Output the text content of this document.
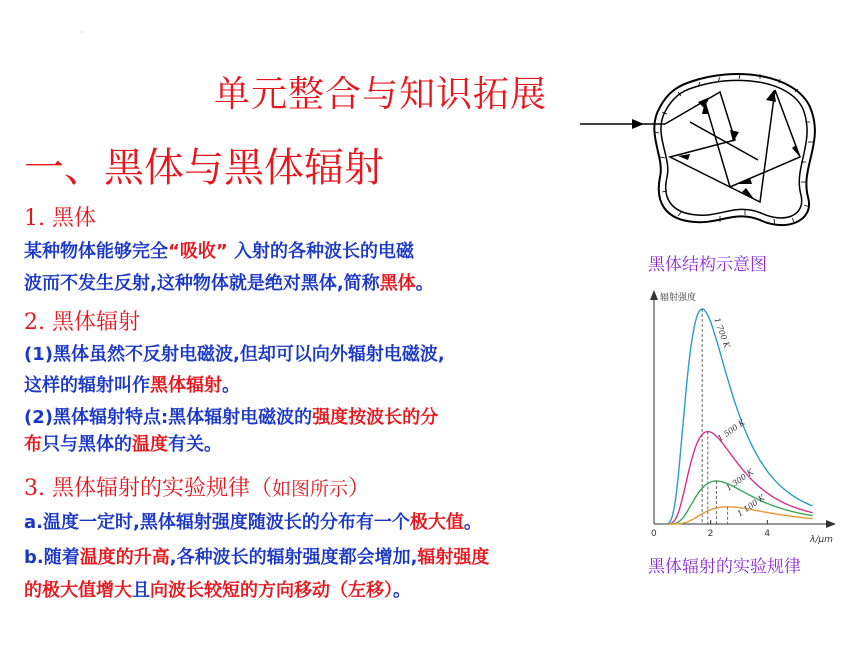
·
单元整合与知识拓展
一、黑体与黑体辐射
1. 黑体
某种物体能够完全“吸收” 入射的各种波长的电磁
波而不发生反射,这种物体就是绝对黑体,简称黑体。
2. 黑体辐射
(1)黑体虽然不反射电磁波,但却可以向外辐射电磁波,
这样的辐射叫作黑体辐射。
(2)黑体辐射特点:黑体辐射电磁波的强度按波长的分
布只与黑体的温度有关。
3. 黑体辐射的实验规律（如图所示）
a.温度一定时,黑体辐射强度随波长的分布有一个极大值。
b.随着温度的升高,各种波长的辐射强度都会增加,辐射强度
的极大值增大且向波长较短的方向移动（左移）。
黑体结构示意图
辐射强度
λ/μm
0	2	4
1 700 K
1 500 K
1 300 K
1 100 K
黑体辐射的实验规律
